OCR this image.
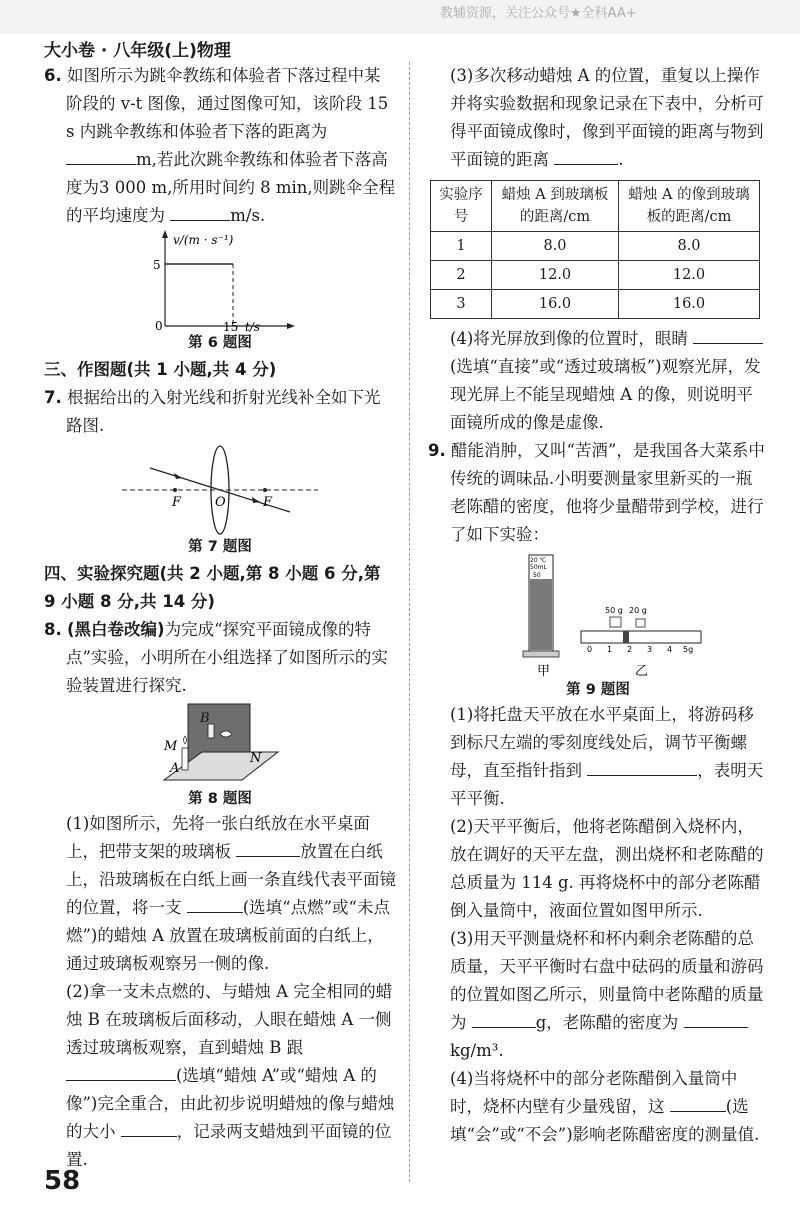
教辅资源，关注公众号★全科AA+
大小卷 · 八年级(上)物理

6. 如图所示为跳伞教练和体验者下落过程中某阶段的 v-t 图像，通过图像可知，该阶段 15 s 内跳伞教练和体验者下落的距离为 m,若此次跳伞教练和体验者下落高度为3 000 m,所用时间约 8 min,则跳伞全程的平均速度为	m/s.

v/(m · s⁻¹)
5
0	15 t/s
第 6 题图

三、作图题(共 1 小题,共 4 分)

7. 根据给出的入射光线和折射光线补全如下光路图.

F	O	F
第 7 题图

四、实验探究题(共 2 小题,第 8 小题 6 分,第 9 小题 8 分,共 14 分)

8. (黑白卷改编)为完成“探究平面镜成像的特点”实验，小明所在小组选择了如图所示的实验装置进行探究.

B
M
A
N
第 8 题图

(1)如图所示，先将一张白纸放在水平桌面上，把带支架的玻璃板	放置在白纸上，沿玻璃板在白纸上画一条直线代表平面镜的位置，将一支	(选填“点燃”或“未点燃”)的蜡烛 A 放置在玻璃板前面的白纸上，通过玻璃板观察另一侧的像.

(2)拿一支未点燃的、与蜡烛 A 完全相同的蜡烛 B 在玻璃板后面移动，人眼在蜡烛 A 一侧透过玻璃板观察，直到蜡烛 B 跟 (选填“蜡烛 A”或“蜡烛 A 的像”)完全重合，由此初步说明蜡烛的像与蜡烛的大小	，记录两支蜡烛到平面镜的位置.

(3)多次移动蜡烛 A 的位置，重复以上操作并将实验数据和现象记录在下表中，分析可得平面镜成像时，像到平面镜的距离与物到平面镜的距离	.

实验序号	蜡烛 A 到玻璃板的距离/cm	蜡烛 A 的像到玻璃板的距离/cm
1	8.0	8.0
2	12.0	12.0
3	16.0	16.0

(4)将光屏放到像的位置时，眼睛 (选填“直接”或“透过玻璃板”)观察光屏，发现光屏上不能呈现蜡烛 A 的像，则说明平面镜所成的像是虚像.

9. 醋能消肿，又叫“苦酒”，是我国各大菜系中传统的调味品.小明要测量家里新买的一瓶老陈醋的密度，他将少量醋带到学校，进行了如下实验：

20 ℃
50mL
50
甲
50 g 20 g
0 1 2 3 4 5g
乙
第 9 题图

(1)将托盘天平放在水平桌面上，将游码移到标尺左端的零刻度线处后，调节平衡螺母，直至指针指到	，表明天平平衡.

(2)天平平衡后，他将老陈醋倒入烧杯内，放在调好的天平左盘，测出烧杯和老陈醋的总质量为 114 g. 再将烧杯中的部分老陈醋倒入量筒中，液面位置如图甲所示.

(3)用天平测量烧杯和杯内剩余老陈醋的总质量，天平平衡时右盘中砝码的质量和游码的位置如图乙所示，则量筒中老陈醋的质量为	g，老陈醋的密度为 kg/m³.

(4)当将烧杯中的部分老陈醋倒入量筒中时，烧杯内壁有少量残留，这	(选填“会”或“不会”)影响老陈醋密度的测量值.

58
